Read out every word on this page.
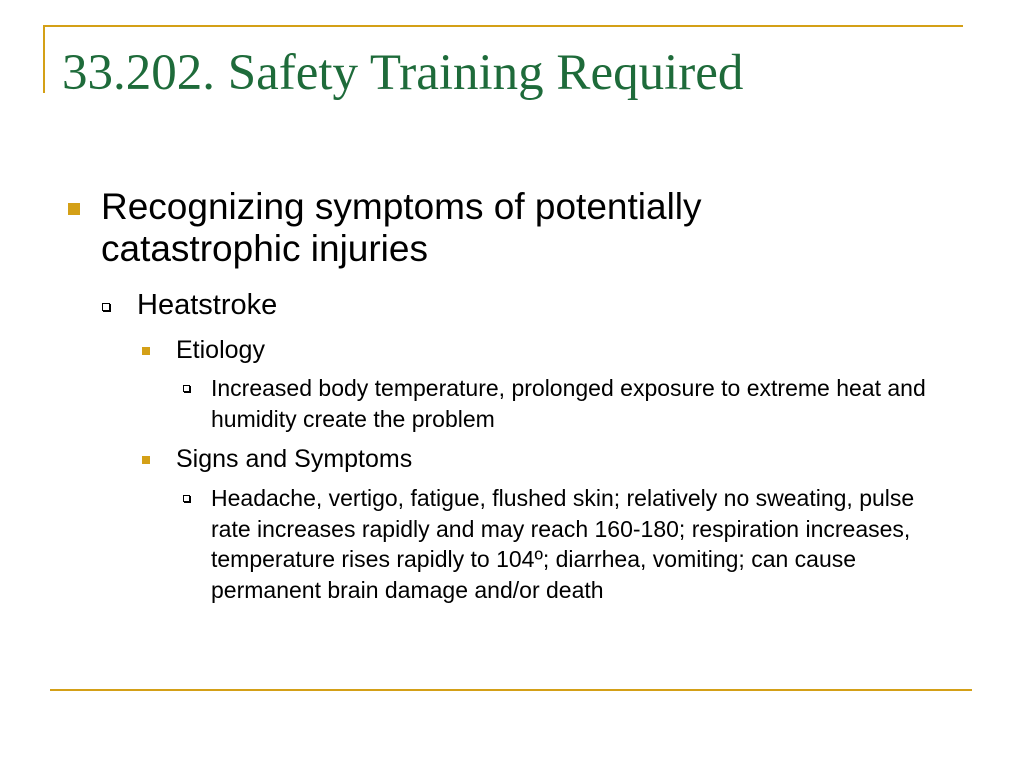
33.202. Safety Training Required
Recognizing symptoms of potentially catastrophic injuries
Heatstroke
Etiology
Increased body temperature, prolonged exposure to extreme heat and humidity create the problem
Signs and Symptoms
Headache, vertigo, fatigue, flushed skin; relatively no sweating, pulse rate increases rapidly and may reach 160-180; respiration increases, temperature rises rapidly to 104º; diarrhea, vomiting; can cause permanent brain damage and/or death
